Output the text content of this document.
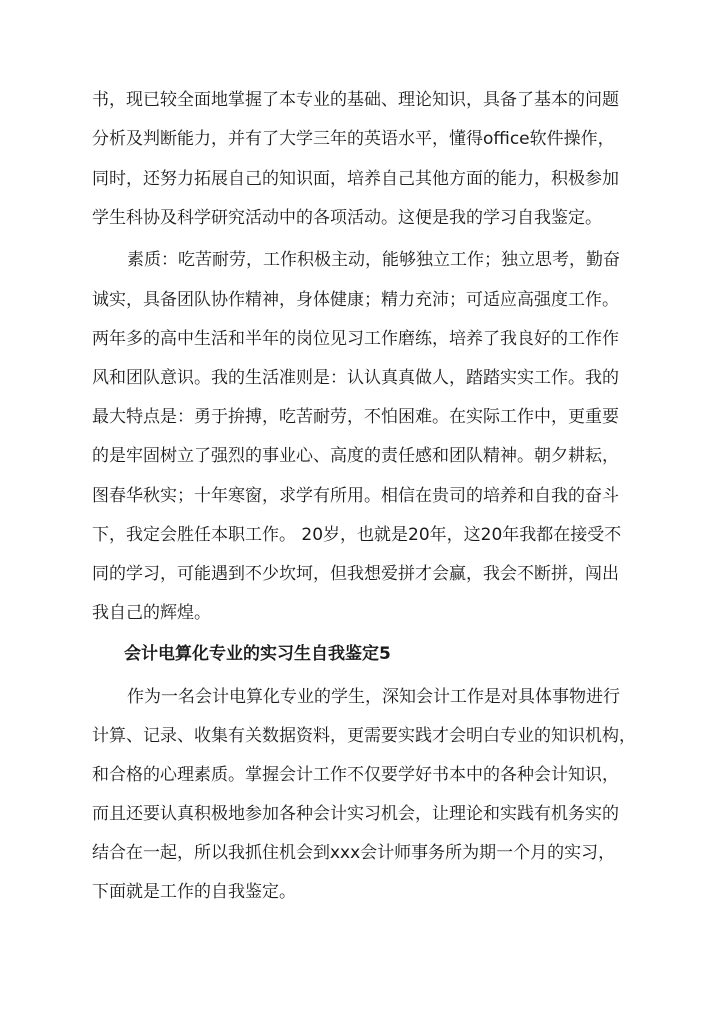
书，现已较全面地掌握了本专业的基础、理论知识，具备了基本的问题
分析及判断能力，并有了大学三年的英语水平，懂得office软件操作，
同时，还努力拓展自己的知识面，培养自己其他方面的能力，积极参加
学生科协及科学研究活动中的各项活动。这便是我的学习自我鉴定。
素质：吃苦耐劳，工作积极主动，能够独立工作；独立思考，勤奋
诚实，具备团队协作精神，身体健康；精力充沛；可适应高强度工作。
两年多的高中生活和半年的岗位见习工作磨练，培养了我良好的工作作
风和团队意识。我的生活准则是：认认真真做人，踏踏实实工作。我的
最大特点是：勇于拚搏，吃苦耐劳，不怕困难。在实际工作中，更重要
的是牢固树立了强烈的事业心、高度的责任感和团队精神。朝夕耕耘，
图春华秋实；十年寒窗，求学有所用。相信在贵司的培养和自我的奋斗
下，我定会胜任本职工作。 20岁，也就是20年，这20年我都在接受不
同的学习，可能遇到不少坎坷，但我想爱拼才会赢，我会不断拼，闯出
我自己的辉煌。
会计电算化专业的实习生自我鉴定5
作为一名会计电算化专业的学生，深知会计工作是对具体事物进行
计算、记录、收集有关数据资料，更需要实践才会明白专业的知识机构，
和合格的心理素质。掌握会计工作不仅要学好书本中的各种会计知识，
而且还要认真积极地参加各种会计实习机会，让理论和实践有机务实的
结合在一起，所以我抓住机会到xxx会计师事务所为期一个月的实习，
下面就是工作的自我鉴定。
